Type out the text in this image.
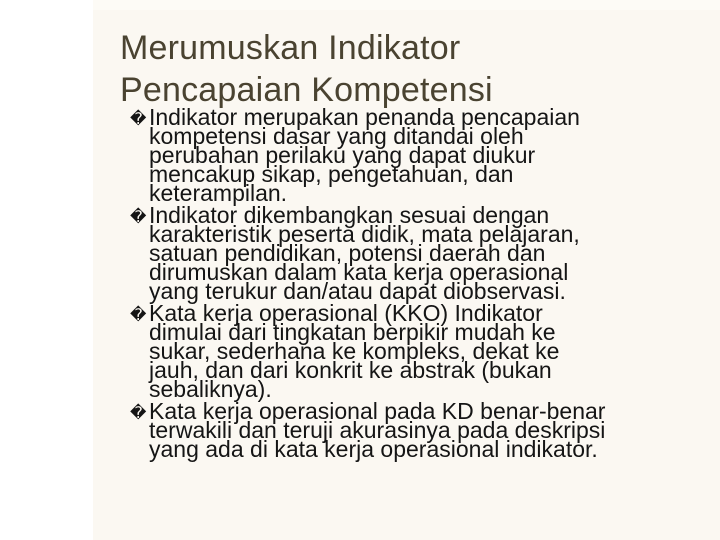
Merumuskan Indikator
Pencapaian Kompetensi
� Indikator merupakan penanda pencapaian
kompetensi dasar yang ditandai oleh
perubahan perilaku yang dapat diukur
mencakup sikap, pengetahuan, dan
keterampilan.
� Indikator dikembangkan sesuai dengan
karakteristik peserta didik, mata pelajaran,
satuan pendidikan, potensi daerah dan
dirumuskan dalam kata kerja operasional
yang terukur dan/atau dapat diobservasi.
� Kata kerja operasional (KKO) Indikator
dimulai dari tingkatan berpikir mudah ke
sukar, sederhana ke kompleks, dekat ke
jauh, dan dari konkrit ke abstrak (bukan
sebaliknya).
� Kata kerja operasional pada KD benar-benar
terwakili dan teruji akurasinya pada deskripsi
yang ada di kata kerja operasional indikator.
